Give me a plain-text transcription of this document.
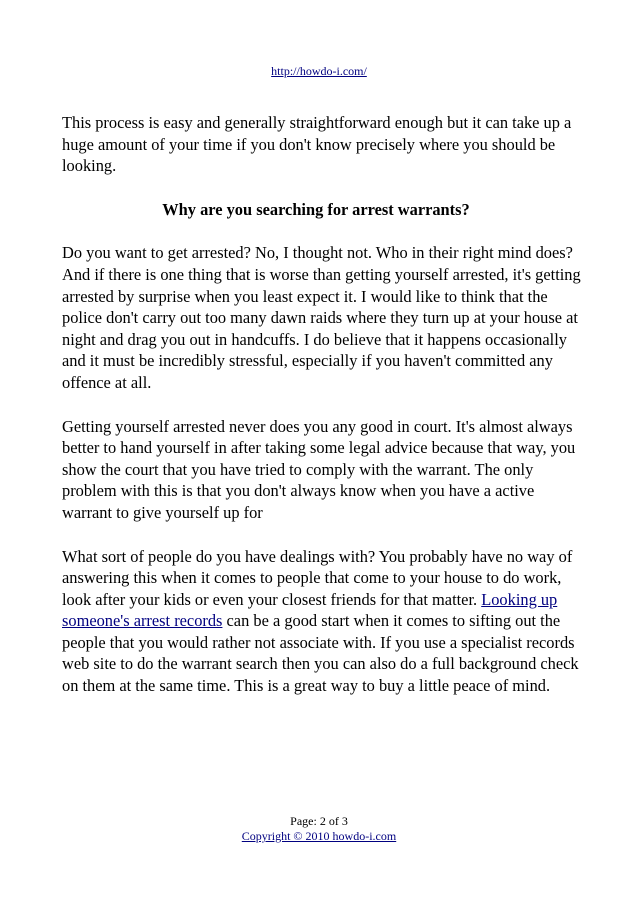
http://howdo-i.com/

This process is easy and generally straightforward enough but it can take up a huge amount of your time if you don't know precisely where you should be looking.

Why are you searching for arrest warrants?

Do you want to get arrested? No, I thought not. Who in their right mind does? And if there is one thing that is worse than getting yourself arrested, it's getting arrested by surprise when you least expect it. I would like to think that the police don't carry out too many dawn raids where they turn up at your house at night and drag you out in handcuffs. I do believe that it happens occasionally and it must be incredibly stressful, especially if you haven't committed any offence at all.

Getting yourself arrested never does you any good in court. It's almost always better to hand yourself in after taking some legal advice because that way, you show the court that you have tried to comply with the warrant. The only problem with this is that you don't always know when you have a active warrant to give yourself up for

What sort of people do you have dealings with? You probably have no way of answering this when it comes to people that come to your house to do work, look after your kids or even your closest friends for that matter. Looking up someone's arrest records can be a good start when it comes to sifting out the people that you would rather not associate with. If you use a specialist records web site to do the warrant search then you can also do a full background check on them at the same time. This is a great way to buy a little peace of mind.

Page: 2 of 3
Copyright © 2010 howdo-i.com
